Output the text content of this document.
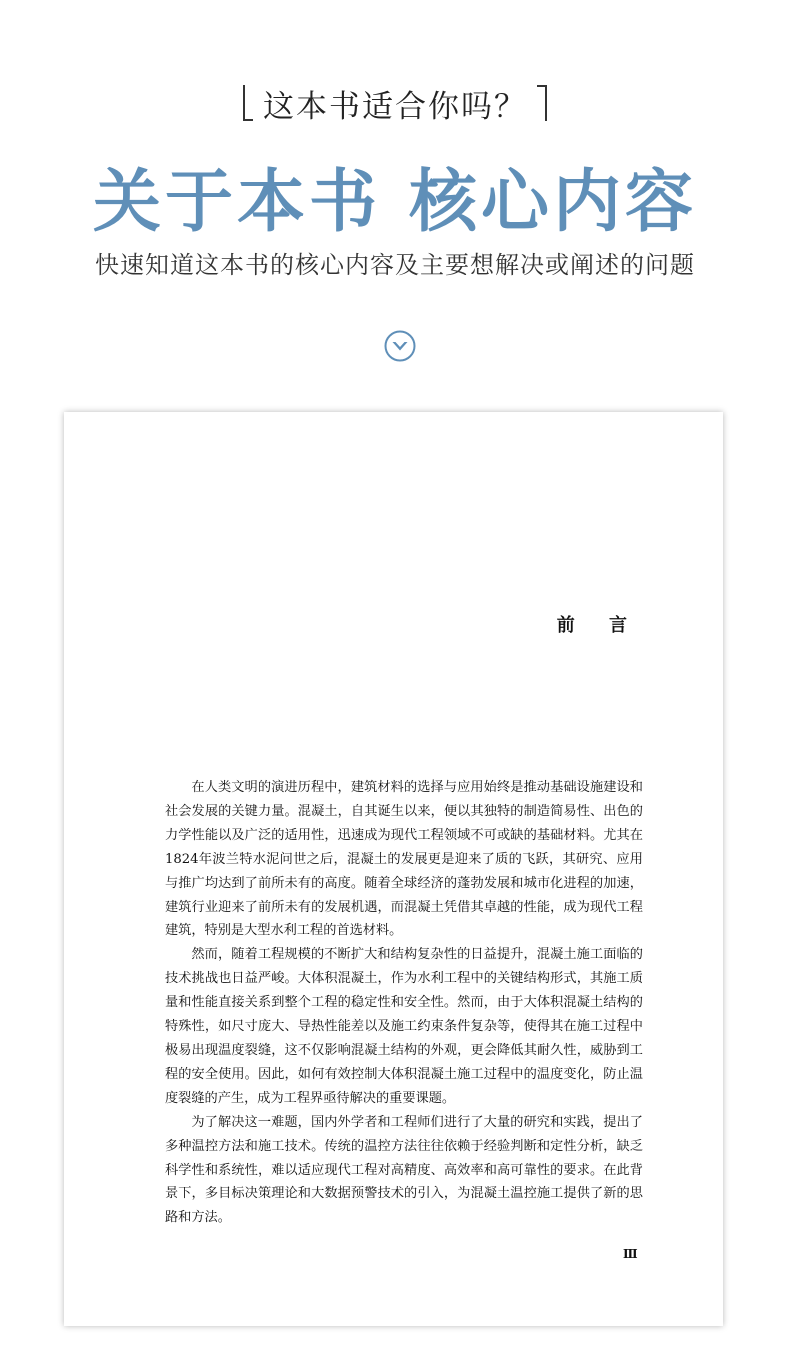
这本书适合你吗？
关于本书 核心内容
快速知道这本书的核心内容及主要想解决或阐述的问题
前 言

在人类文明的演进历程中，建筑材料的选择与应用始终是推动基础设施建设和社会发展的关键力量。混凝土，自其诞生以来，便以其独特的制造简易性、出色的力学性能以及广泛的适用性，迅速成为现代工程领域不可或缺的基础材料。尤其在1824年波兰特水泥问世之后，混凝土的发展更是迎来了质的飞跃，其研究、应用与推广均达到了前所未有的高度。随着全球经济的蓬勃发展和城市化进程的加速，建筑行业迎来了前所未有的发展机遇，而混凝土凭借其卓越的性能，成为现代工程建筑，特别是大型水利工程的首选材料。

然而，随着工程规模的不断扩大和结构复杂性的日益提升，混凝土施工面临的技术挑战也日益严峻。大体积混凝土，作为水利工程中的关键结构形式，其施工质量和性能直接关系到整个工程的稳定性和安全性。然而，由于大体积混凝土结构的特殊性，如尺寸庞大、导热性能差以及施工约束条件复杂等，使得其在施工过程中极易出现温度裂缝，这不仅影响混凝土结构的外观，更会降低其耐久性，威胁到工程的安全使用。因此，如何有效控制大体积混凝土施工过程中的温度变化，防止温度裂缝的产生，成为工程界亟待解决的重要课题。

为了解决这一难题，国内外学者和工程师们进行了大量的研究和实践，提出了多种温控方法和施工技术。传统的温控方法往往依赖于经验判断和定性分析，缺乏科学性和系统性，难以适应现代工程对高精度、高效率和高可靠性的要求。在此背景下，多目标决策理论和大数据预警技术的引入，为混凝土温控施工提供了新的思路和方法。

Ⅲ
